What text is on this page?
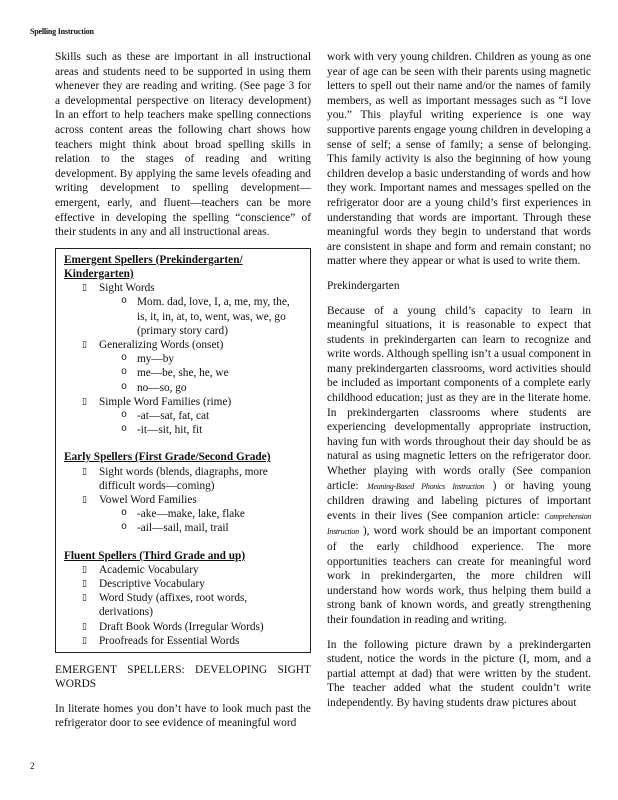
Spelling Instruction

Skills such as these are important in all instructional areas and students need to be supported in using them whenever they are reading and writing. (See page 3 for a developmental perspective on literacy development) In an effort to help teachers make spelling connections across content areas the following chart shows how teachers might think about broad spelling skills in relation to the stages of reading and writing development. By applying the same levels ofeading and writing development to spelling development—emergent, early, and fluent—teachers can be more effective in developing the spelling “conscience” of their students in any and all instructional areas.

Emergent Spellers (Prekindergarten/
Kindergarten)
▯ Sight Words
o Mom. dad, love, I, a, me, my, the, is, it, in, at, to, went, was, we, go (primary story card)
▯ Generalizing Words (onset)
o my—by
o me—be, she, he, we
o no—so, go
▯ Simple Word Families (rime)
o -at—sat, fat, cat
o -it—sit, hit, fit
Early Spellers (First Grade/Second Grade)
▯ Sight words (blends, diagraphs, more difficult words—coming)
▯ Vowel Word Families
o -ake—make, lake, flake
o -ail—sail, mail, trail
Fluent Spellers (Third Grade and up)
▯ Academic Vocabulary
▯ Descriptive Vocabulary
▯ Word Study (affixes, root words, derivations)
▯ Draft Book Words (Irregular Words)
▯ Proofreads for Essential Words
EMERGENT SPELLERS: DEVELOPING SIGHT WORDS

In literate homes you don’t have to look much past the refrigerator door to see evidence of meaningful word

work with very young children. Children as young as one year of age can be seen with their parents using magnetic letters to spell out their name and/or the names of family members, as well as important messages such as “I love you.” This playful writing experience is one way supportive parents engage young children in developing a sense of self; a sense of family; a sense of belonging. This family activity is also the beginning of how young children develop a basic understanding of words and how they work. Important names and messages spelled on the refrigerator door are a young child’s first experiences in understanding that words are important. Through these meaningful words they begin to understand that words are consistent in shape and form and remain constant; no matter where they appear or what is used to write them.

Prekindergarten

Because of a young child’s capacity to learn in meaningful situations, it is reasonable to expect that students in prekindergarten can learn to recognize and write words. Although spelling isn’t a usual component in many prekindergarten classrooms, word activities should be included as important components of a complete early childhood education; just as they are in the literate home. In prekindergarten classrooms where students are experiencing developmentally appropriate instruction, having fun with words throughout their day should be as natural as using magnetic letters on the refrigerator door. Whether playing with words orally (See companion article: Meaning-Based Phonics Instruction ) or having young children drawing and labeling pictures of important events in their lives (See companion article: Comprehension Instruction ), word work should be an important component of the early childhood experience. The more opportunities teachers can create for meaningful word work in prekindergarten, the more children will understand how words work, thus helping them build a strong bank of known words, and greatly strengthening their foundation in reading and writing.

In the following picture drawn by a prekindergarten student, notice the words in the picture (I, mom, and a partial attempt at dad) that were written by the student. The teacher added what the student couldn’t write independently. By having students draw pictures about

2
